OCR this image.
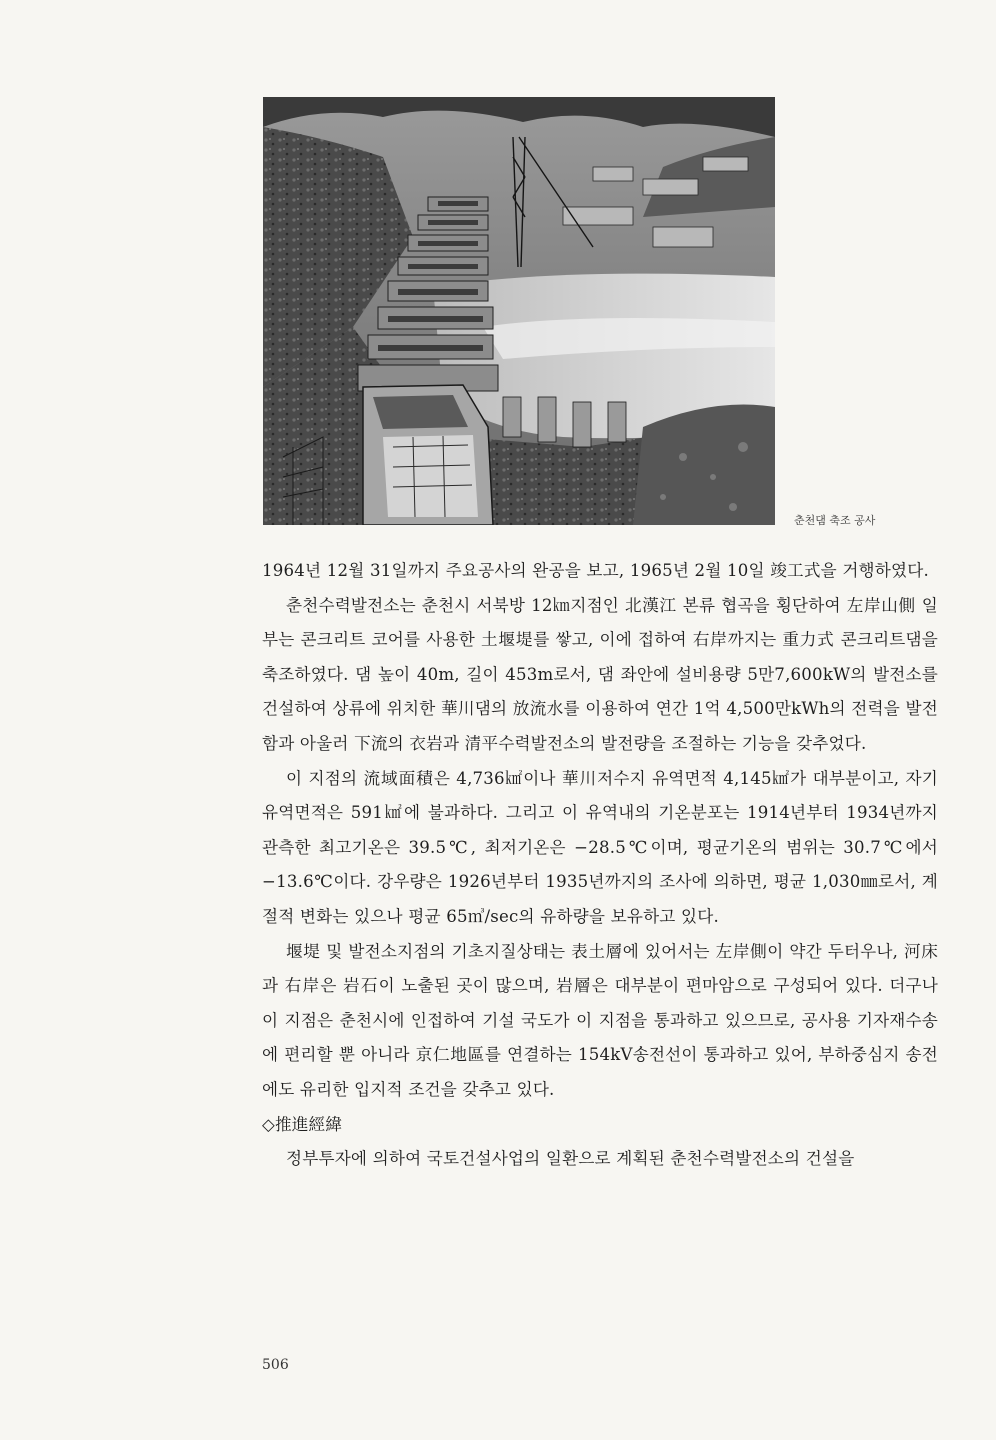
춘천댐 축조 공사

1964년 12월 31일까지 주요공사의 완공을 보고, 1965년 2월 10일 竣工式을 거행하였다.

춘천수력발전소는 춘천시 서북방 12㎞지점인 北漢江 본류 협곡을 횡단하여 左岸山側 일부는 콘크리트 코어를 사용한 土堰堤를 쌓고, 이에 접하여 右岸까지는 重力式 콘크리트댐을 축조하였다. 댐 높이 40m, 길이 453m로서, 댐 좌안에 설비용량 5만7,600kW의 발전소를 건설하여 상류에 위치한 華川댐의 放流水를 이용하여 연간 1억 4,500만kWh의 전력을 발전함과 아울러 下流의 衣岩과 清平수력발전소의 발전량을 조절하는 기능을 갖추었다.

이 지점의 流域面積은 4,736㎢이나 華川저수지 유역면적 4,145㎢가 대부분이고, 자기 유역면적은 591㎢에 불과하다. 그리고 이 유역내의 기온분포는 1914년부터 1934년까지 관측한 최고기온은 39.5℃, 최저기온은 −28.5℃이며, 평균기온의 범위는 30.7℃에서 −13.6℃이다. 강우량은 1926년부터 1935년까지의 조사에 의하면, 평균 1,030㎜로서, 계절적 변화는 있으나 평균 65㎥/sec의 유하량을 보유하고 있다.

堰堤 및 발전소지점의 기초지질상태는 表土層에 있어서는 左岸側이 약간 두터우나, 河床과 右岸은 岩石이 노출된 곳이 많으며, 岩層은 대부분이 편마암으로 구성되어 있다. 더구나 이 지점은 춘천시에 인접하여 기설 국도가 이 지점을 통과하고 있으므로, 공사용 기자재수송에 편리할 뿐 아니라 京仁地區를 연결하는 154kV송전선이 통과하고 있어, 부하중심지 송전에도 유리한 입지적 조건을 갖추고 있다.

◇推進經緯

정부투자에 의하여 국토건설사업의 일환으로 계획된 춘천수력발전소의 건설을

506
